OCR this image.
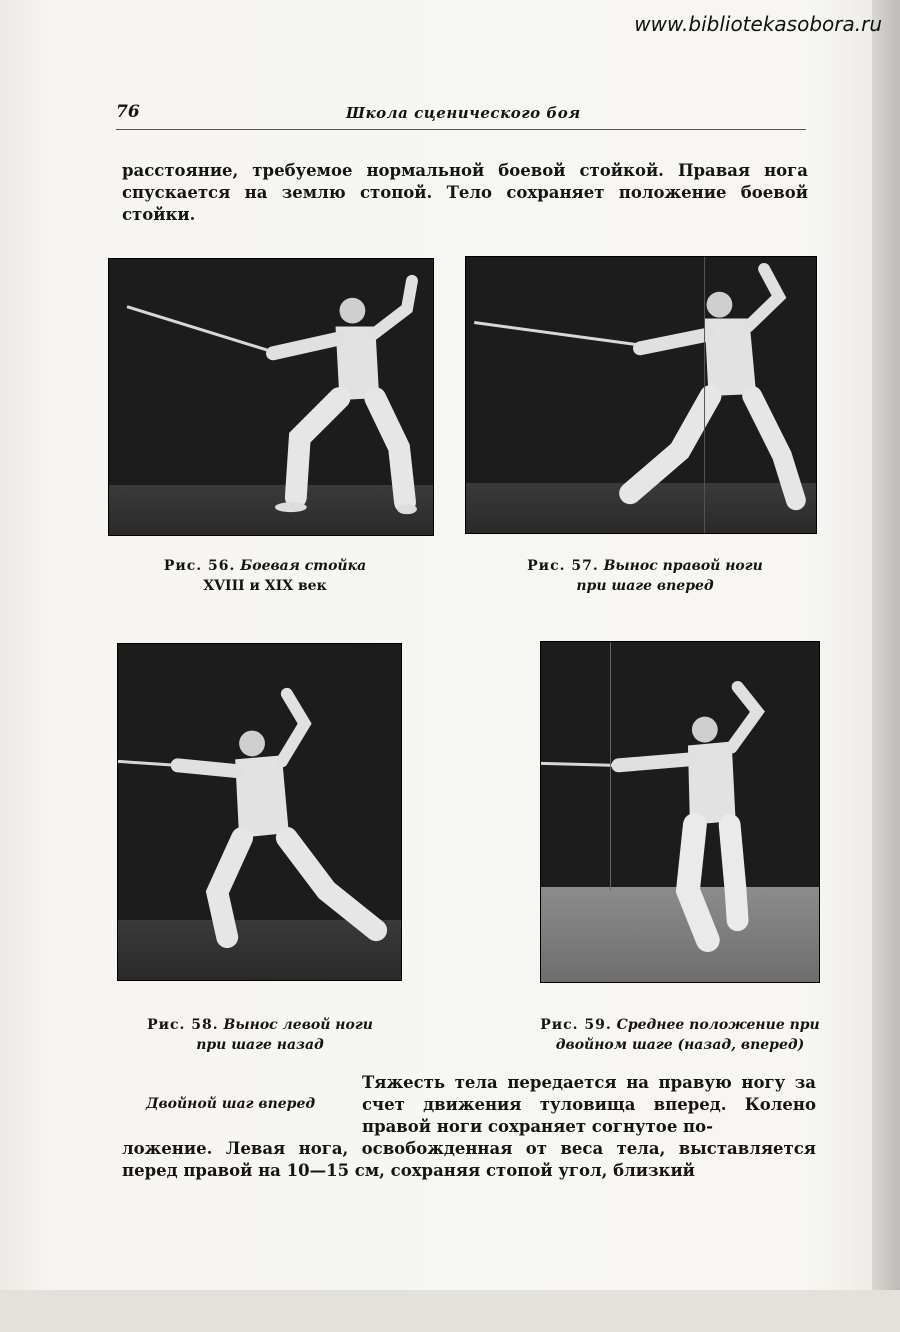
www.bibliotekasobora.ru
76	Школа сценического боя
расстояние, требуемое нормальной боевой стойкой. Правая нога спускается на землю стопой. Тело сохраняет положение боевой стойки.
Рис. 56. Боевая стойка
XVIII и XIX век
Рис. 57. Вынос правой ноги
при шаге вперед
Рис. 58. Вынос левой ноги
при шаге назад
Рис. 59. Среднее положение при
двойном шаге (назад, вперед)
Двойной шаг вперед
Тяжесть тела передается на правую ногу за счет движения туловища вперед. Колено правой ноги сохраняет согнутое по-
ложение. Левая нога, освобожденная от веса тела, выставляется перед правой на 10—15 см, сохраняя стопой угол, близкий
